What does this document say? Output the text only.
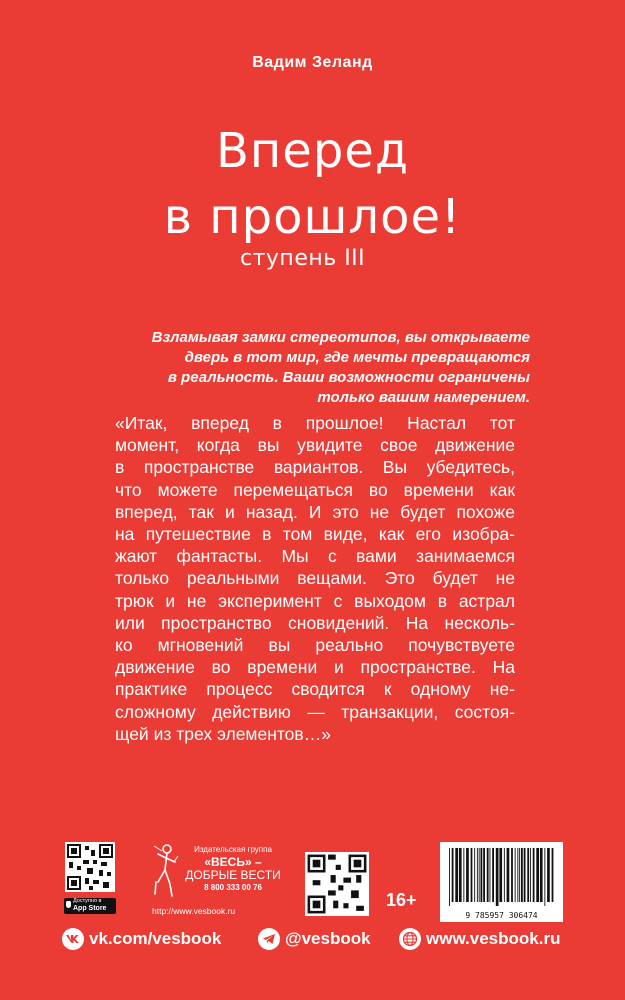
Вадим Зеланд
Вперед
в прошлое!
ступень III
Взламывая замки стереотипов, вы открываете
дверь в тот мир, где мечты превращаются
в реальность. Ваши возможности ограничены
только вашим намерением.
«Итак, вперед в прошлое! Настал тот
момент, когда вы увидите свое движение
в пространстве вариантов. Вы убедитесь,
что можете перемещаться во времени как
вперед, так и назад. И это не будет похоже
на путешествие в том виде, как его изобра-
жают фантасты. Мы с вами занимаемся
только реальными вещами. Это будет не
трюк и не эксперимент с выходом в астрал
или пространство сновидений. На несколь-
ко мгновений вы реально почувствуете
движение во времени и пространстве. На
практике процесс сводится к одному не-
сложному действию — транзакции, состоя-
щей из трех элементов…»
Доступно в
App Store
Издательская группа
«ВЕСЬ» –
ДОБРЫЕ ВЕСТИ
8 800 333 00 76
http://www.vesbook.ru
16+
9 785957 306474
vk.com/vesbook	@vesbook	www.vesbook.ru
